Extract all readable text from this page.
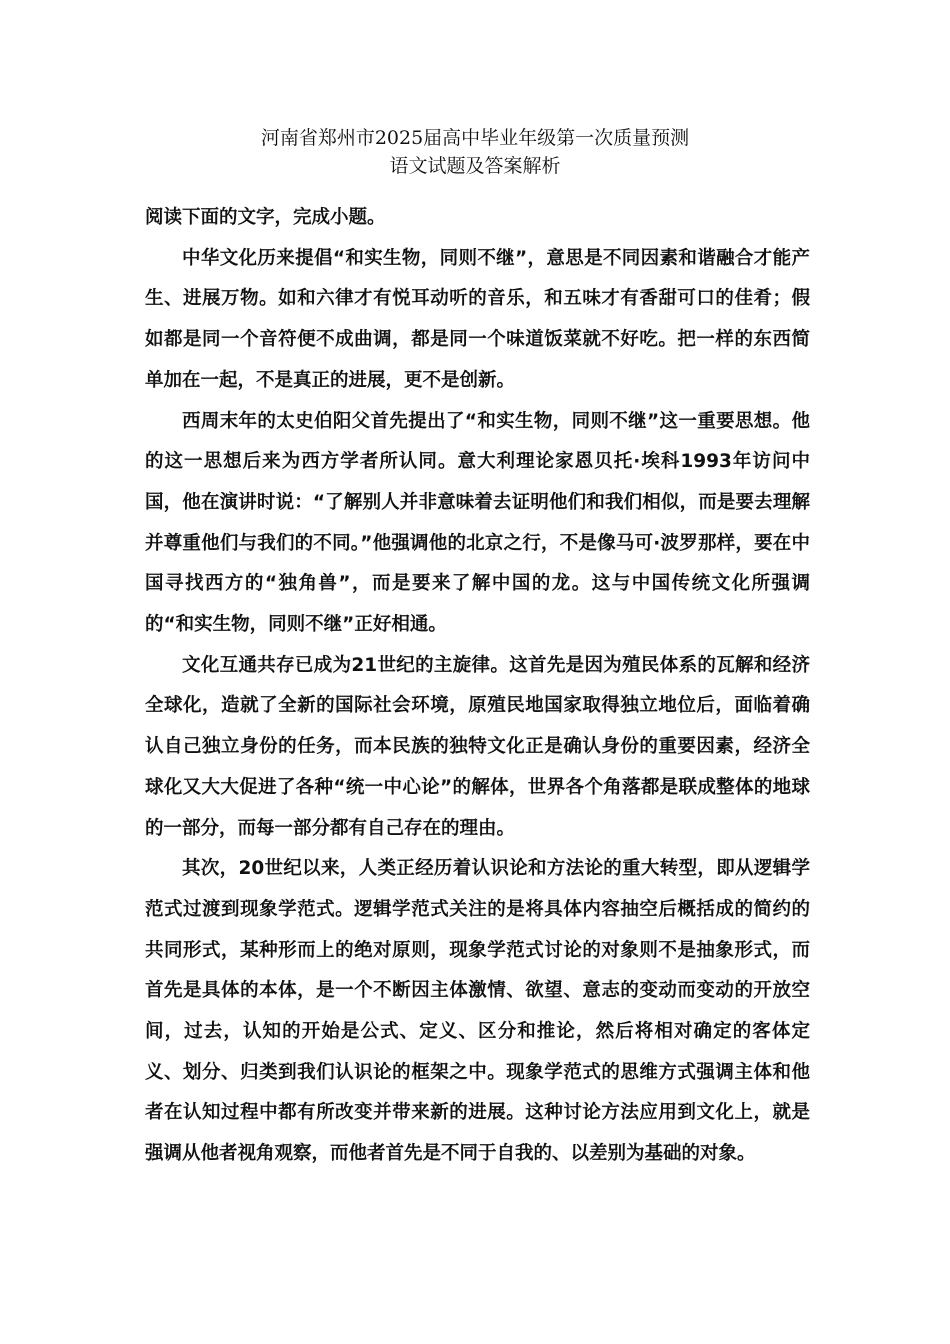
河南省郑州市2025届高中毕业年级第一次质量预测
语文试题及答案解析

阅读下面的文字，完成小题。

中华文化历来提倡“和实生物，同则不继”，意思是不同因素和谐融合才能产生、进展万物。如和六律才有悦耳动听的音乐，和五味才有香甜可口的佳肴；假如都是同一个音符便不成曲调，都是同一个味道饭菜就不好吃。把一样的东西简单加在一起，不是真正的进展，更不是创新。

西周末年的太史伯阳父首先提出了“和实生物，同则不继”这一重要思想。他的这一思想后来为西方学者所认同。意大利理论家恩贝托·埃科1993年访问中国，他在演讲时说：“了解别人并非意味着去证明他们和我们相似，而是要去理解并尊重他们与我们的不同。”他强调他的北京之行，不是像马可·波罗那样，要在中国寻找西方的“独角兽”，而是要来了解中国的龙。这与中国传统文化所强调的“和实生物，同则不继”正好相通。

文化互通共存已成为21世纪的主旋律。这首先是因为殖民体系的瓦解和经济全球化，造就了全新的国际社会环境，原殖民地国家取得独立地位后，面临着确认自己独立身份的任务，而本民族的独特文化正是确认身份的重要因素，经济全球化又大大促进了各种“统一中心论”的解体，世界各个角落都是联成整体的地球的一部分，而每一部分都有自己存在的理由。

其次，20世纪以来，人类正经历着认识论和方法论的重大转型，即从逻辑学范式过渡到现象学范式。逻辑学范式关注的是将具体内容抽空后概括成的简约的共同形式，某种形而上的绝对原则，现象学范式讨论的对象则不是抽象形式，而首先是具体的本体，是一个不断因主体激情、欲望、意志的变动而变动的开放空间，过去，认知的开始是公式、定义、区分和推论，然后将相对确定的客体定义、划分、归类到我们认识论的框架之中。现象学范式的思维方式强调主体和他者在认知过程中都有所改变并带来新的进展。这种讨论方法应用到文化上，就是强调从他者视角观察，而他者首先是不同于自我的、以差别为基础的对象。
